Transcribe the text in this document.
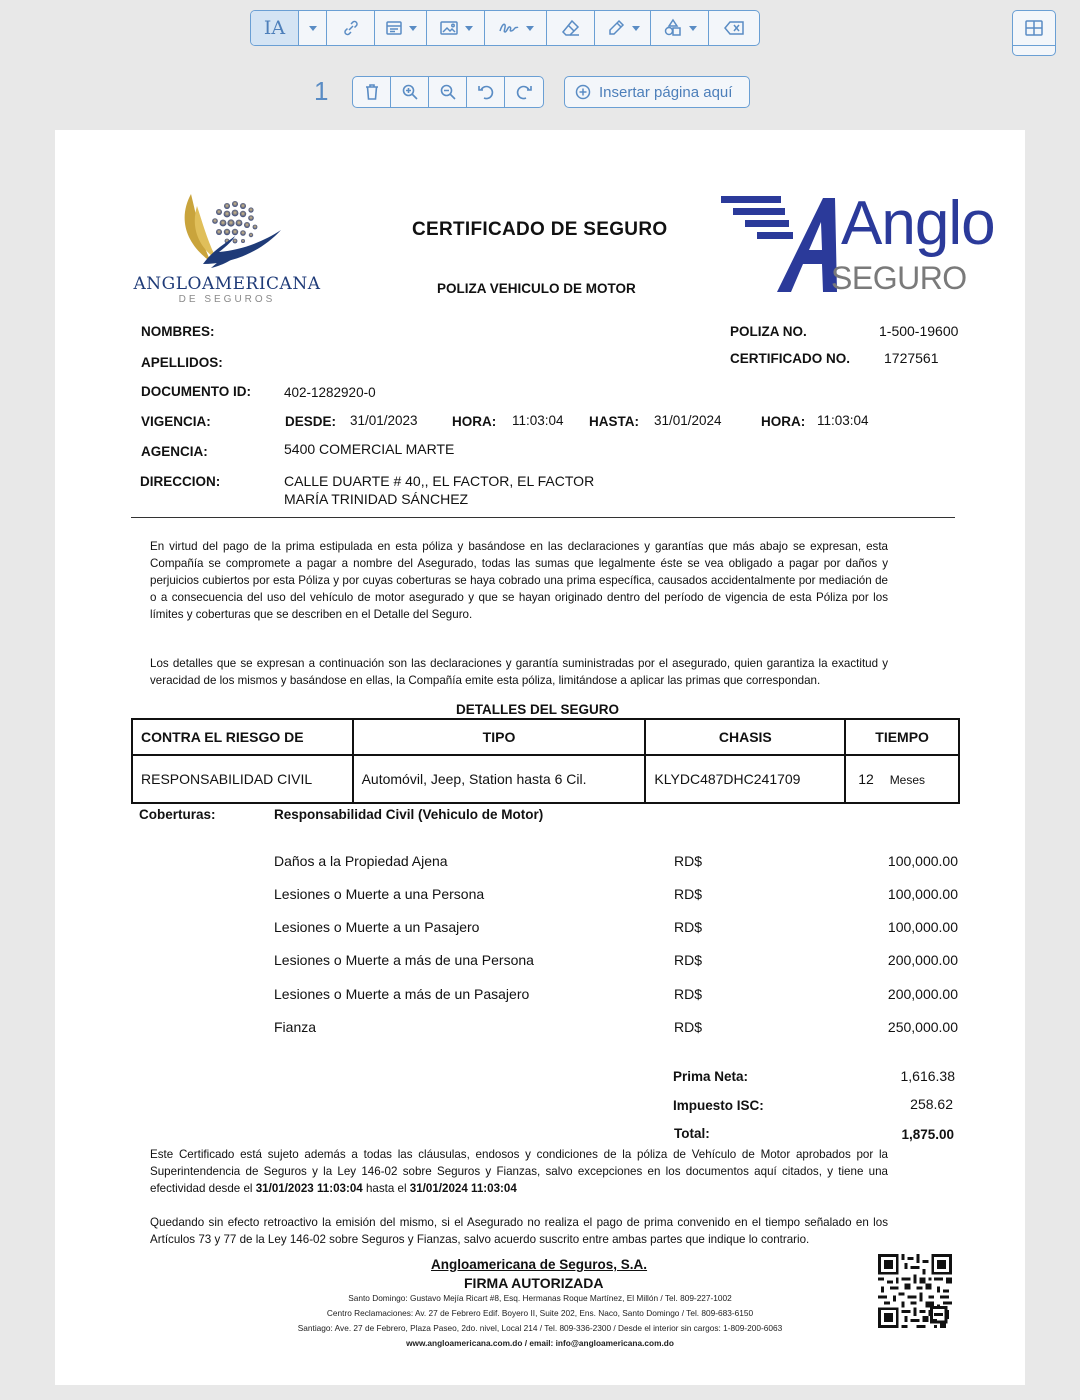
IA
1	Insertar página aquí
ANGLOAMERICANA
DE SEGUROS
CERTIFICADO DE SEGURO
POLIZA VEHICULO DE MOTOR
Anglo
SEGURO
NOMBRES:
APELLIDOS:
DOCUMENTO ID: 402-1282920-0
VIGENCIA:	DESDE: 31/01/2023	HORA: 11:03:04 HASTA: 31/01/2024	HORA: 11:03:04
AGENCIA:	5400 COMERCIAL MARTE
DIRECCION:	CALLE DUARTE # 40,, EL FACTOR, EL FACTOR
MARÍA TRINIDAD SÁNCHEZ
POLIZA NO.	1-500-19600
CERTIFICADO NO. 1727561
En virtud del pago de la prima estipulada en esta póliza y basándose en las declaraciones y garantías que más abajo se expresan, esta Compañía se compromete a pagar a nombre del Asegurado, todas las sumas que legalmente éste se vea obligado a pagar por daños y perjuicios cubiertos por esta Póliza y por cuyas coberturas se haya cobrado una prima específica, causados accidentalmente por mediación de o a consecuencia del uso del vehículo de motor asegurado y que se hayan originado dentro del período de vigencia de esta Póliza por los límites y coberturas que se describen en el Detalle del Seguro.
Los detalles que se expresan a continuación son las declaraciones y garantía suministradas por el asegurado, quien garantiza la exactitud y veracidad de los mismos y basándose en ellas, la Compañía emite esta póliza, limitándose a aplicar las primas que correspondan.
DETALLES DEL SEGURO
CONTRA EL RIESGO DE	TIPO	CHASIS	TIEMPO
RESPONSABILIDAD CIVIL	Automóvil, Jeep, Station hasta 6 Cil.	KLYDC487DHC241709	12 Meses
Coberturas:	Responsabilidad Civil (Vehiculo de Motor)
Daños a la Propiedad Ajena	RD$	100,000.00
Lesiones o Muerte a una Persona	RD$	100,000.00
Lesiones o Muerte a un Pasajero	RD$	100,000.00
Lesiones o Muerte a más de una Persona	RD$	200,000.00
Lesiones o Muerte a más de un Pasajero	RD$	200,000.00
Fianza	RD$	250,000.00
Prima Neta:	1,616.38
Impuesto ISC:	258.62
Total:	1,875.00
Este Certificado está sujeto además a todas las cláusulas, endosos y condiciones de la póliza de Vehículo de Motor aprobados por la Superintendencia de Seguros y la Ley 146-02 sobre Seguros y Fianzas, salvo excepciones en los documentos aquí citados, y tiene una efectividad desde el 31/01/2023 11:03:04 hasta el 31/01/2024 11:03:04
Quedando sin efecto retroactivo la emisión del mismo, si el Asegurado no realiza el pago de prima convenido en el tiempo señalado en los Artículos 73 y 77 de la Ley 146-02 sobre Seguros y Fianzas, salvo acuerdo suscrito entre ambas partes que indique lo contrario.
Angloamericana de Seguros, S.A.
FIRMA AUTORIZADA
Santo Domingo: Gustavo Mejía Ricart #8, Esq. Hermanas Roque Martínez, El Millón / Tel. 809-227-1002
Centro Reclamaciones: Av. 27 de Febrero Edif. Boyero II, Suite 202, Ens. Naco, Santo Domingo / Tel. 809-683-6150
Santiago: Ave. 27 de Febrero, Plaza Paseo, 2do. nivel, Local 214 / Tel. 809-336-2300 / Desde el interior sin cargos: 1-809-200-6063
www.angloamericana.com.do / email: info@angloamericana.com.do
